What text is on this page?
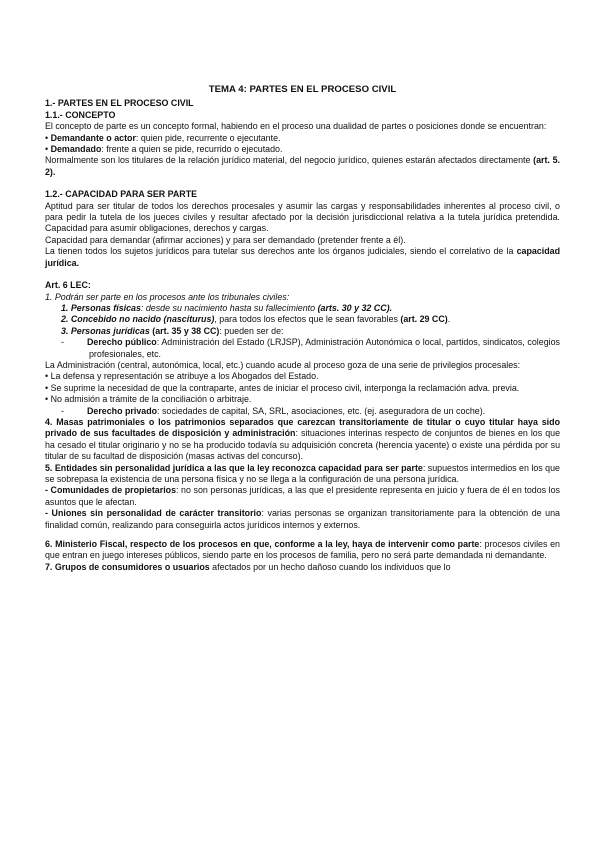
TEMA 4: PARTES EN EL PROCESO CIVIL
1.- PARTES EN EL PROCESO CIVIL
1.1.- CONCEPTO
El concepto de parte es un concepto formal, habiendo en el proceso una dualidad de partes o posiciones donde se encuentran:
• Demandante o actor: quien pide, recurrente o ejecutante.
• Demandado: frente a quien se pide, recurrido o ejecutado.
Normalmente son los titulares de la relación jurídico material, del negocio jurídico, quienes estarán afectados directamente (art. 5. 2).
1.2.- CAPACIDAD PARA SER PARTE
Aptitud para ser titular de todos los derechos procesales y asumir las cargas y responsabilidades inherentes al proceso civil, o para pedir la tutela de los jueces civiles y resultar afectado por la decisión jurisdiccional relativa a la tutela jurídica pretendida. Capacidad para asumir obligaciones, derechos y cargas.
Capacidad para demandar (afirmar acciones) y para ser demandado (pretender frente a él).
La tienen todos los sujetos jurídicos para tutelar sus derechos ante los órganos judiciales, siendo el correlativo de la capacidad jurídica.
Art. 6 LEC:
1. Podrán ser parte en los procesos ante los tribunales civiles:
1. Personas físicas: desde su nacimiento hasta su fallecimiento (arts. 30 y 32 CC).
2. Concebido no nacido (nasciturus), para todos los efectos que le sean favorables (art. 29 CC).
3. Personas jurídicas (art. 35 y 38 CC): pueden ser de:
-	Derecho público: Administración del Estado (LRJSP), Administración Autonómica o local, partidos, sindicatos, colegios profesionales, etc.
La Administración (central, autonómica, local, etc.) cuando acude al proceso goza de una serie de privilegios procesales:
• La defensa y representación se atribuye a los Abogados del Estado.
• Se suprime la necesidad de que la contraparte, antes de iniciar el proceso civil, interponga la reclamación adva. previa.
• No admisión a trámite de la conciliación o arbitraje.
-	Derecho privado: sociedades de capital, SA, SRL, asociaciones, etc. (ej. aseguradora de un coche).
4. Masas patrimoniales o los patrimonios separados que carezcan transitoriamente de titular o cuyo titular haya sido privado de sus facultades de disposición y administración: situaciones interinas respecto de conjuntos de bienes en los que ha cesado el titular originario y no se ha producido todavía su adquisición concreta (herencia yacente) o existe una pérdida por su titular de su facultad de disposición (masas activas del concurso).
5. Entidades sin personalidad jurídica a las que la ley reconozca capacidad para ser parte: supuestos intermedios en los que se sobrepasa la existencia de una persona física y no se llega a la configuración de una persona jurídica.
- Comunidades de propietarios: no son personas jurídicas, a las que el presidente representa en juicio y fuera de él en todos los asuntos que le afectan.
- Uniones sin personalidad de carácter transitorio: varias personas se organizan transitoriamente para la obtención de una finalidad común, realizando para conseguirla actos jurídicos internos y externos.
6. Ministerio Fiscal, respecto de los procesos en que, conforme a la ley, haya de intervenir como parte: procesos civiles en que entran en juego intereses públicos, siendo parte en los procesos de familia, pero no será parte demandada ni demandante.
7. Grupos de consumidores o usuarios afectados por un hecho dañoso cuando los individuos que lo
